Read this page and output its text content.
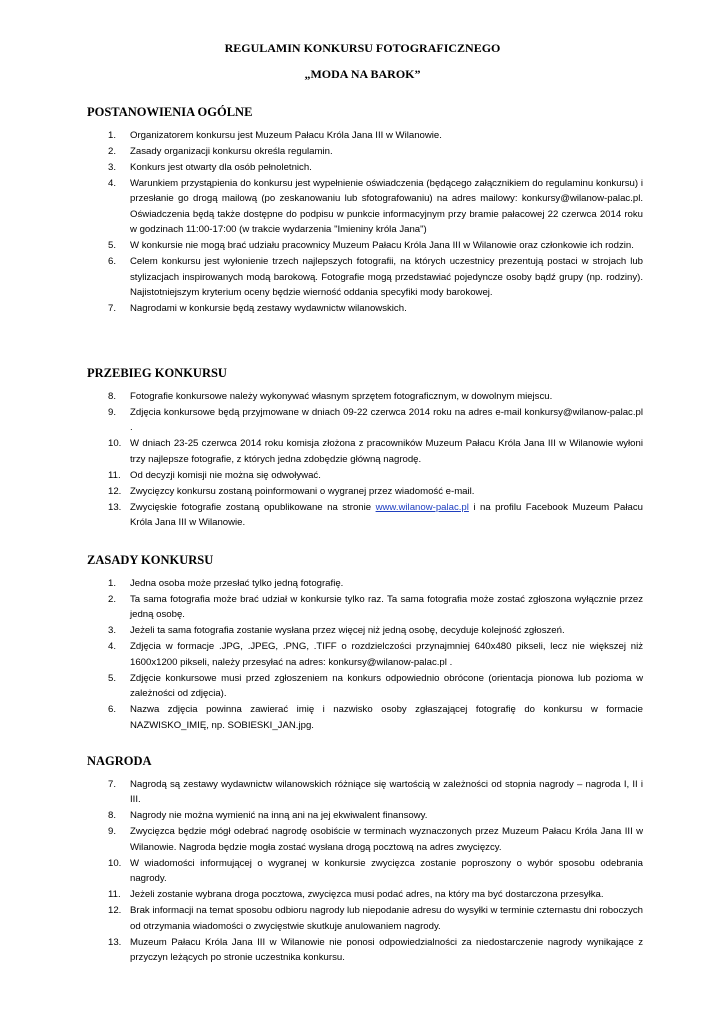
REGULAMIN KONKURSU FOTOGRAFICZNEGO
„MODA NA BAROK”
POSTANOWIENIA OGÓLNE
1. Organizatorem konkursu jest Muzeum Pałacu Króla Jana III w Wilanowie.
2. Zasady organizacji konkursu określa regulamin.
3. Konkurs jest otwarty dla osób pełnoletnich.
4. Warunkiem przystąpienia do konkursu jest wypełnienie oświadczenia (będącego załącznikiem do regulaminu konkursu) i przesłanie go drogą mailową (po zeskanowaniu lub sfotografowaniu) na adres mailowy: konkursy@wilanow-palac.pl. Oświadczenia będą także dostępne do podpisu w punkcie informacyjnym przy bramie pałacowej 22 czerwca 2014 roku w godzinach 11:00-17:00 (w trakcie wydarzenia "Imieniny króla Jana")
5. W konkursie nie mogą brać udziału pracownicy Muzeum Pałacu Króla Jana III w Wilanowie oraz członkowie ich rodzin.
6. Celem konkursu jest wyłonienie trzech najlepszych fotografii, na których uczestnicy prezentują postaci w strojach lub stylizacjach inspirowanych modą barokową. Fotografie mogą przedstawiać pojedyncze osoby bądź grupy (np. rodziny). Najistotniejszym kryterium oceny będzie wierność oddania specyfiki mody barokowej.
7. Nagrodami w konkursie będą zestawy wydawnictw wilanowskich.
PRZEBIEG KONKURSU
8. Fotografie konkursowe należy wykonywać własnym sprzętem fotograficznym, w dowolnym miejscu.
9. Zdjęcia konkursowe będą przyjmowane w dniach 09-22 czerwca 2014 roku na adres e-mail konkursy@wilanow-palac.pl .
10. W dniach 23-25 czerwca 2014 roku komisja złożona z pracowników Muzeum Pałacu Króla Jana III w Wilanowie wyłoni trzy najlepsze fotografie, z których jedna zdobędzie główną nagrodę.
11. Od decyzji komisji nie można się odwoływać.
12. Zwycięzcy konkursu zostaną poinformowani o wygranej przez wiadomość e-mail.
13. Zwycięskie fotografie zostaną opublikowane na stronie www.wilanow-palac.pl i na profilu Facebook Muzeum Pałacu Króla Jana III w Wilanowie.
ZASADY KONKURSU
1. Jedna osoba może przesłać tylko jedną fotografię.
2. Ta sama fotografia może brać udział w konkursie tylko raz. Ta sama fotografia może zostać zgłoszona wyłącznie przez jedną osobę.
3. Jeżeli ta sama fotografia zostanie wysłana przez więcej niż jedną osobę, decyduje kolejność zgłoszeń.
4. Zdjęcia w formacje .JPG, .JPEG, .PNG, .TIFF o rozdzielczości przynajmniej 640x480 pikseli, lecz nie większej niż 1600x1200 pikseli, należy przesyłać na adres: konkursy@wilanow-palac.pl .
5. Zdjęcie konkursowe musi przed zgłoszeniem na konkurs odpowiednio obrócone (orientacja pionowa lub pozioma w zależności od zdjęcia).
6. Nazwa zdjęcia powinna zawierać imię i nazwisko osoby zgłaszającej fotografię do konkursu w formacie NAZWISKO_IMIĘ, np. SOBIESKI_JAN.jpg.
NAGRODA
7. Nagrodą są zestawy wydawnictw wilanowskich różniące się wartością w zależności od stopnia nagrody – nagroda I, II i III.
8. Nagrody nie można wymienić na inną ani na jej ekwiwalent finansowy.
9. Zwycięzca będzie mógł odebrać nagrodę osobiście w terminach wyznaczonych przez Muzeum Pałacu Króla Jana III w Wilanowie. Nagroda będzie mogła zostać wysłana drogą pocztową na adres zwycięzcy.
10. W wiadomości informującej o wygranej w konkursie zwycięzca zostanie poproszony o wybór sposobu odebrania nagrody.
11. Jeżeli zostanie wybrana droga pocztowa, zwycięzca musi podać adres, na który ma być dostarczona przesyłka.
12. Brak informacji na temat sposobu odbioru nagrody lub niepodanie adresu do wysyłki w terminie czternastu dni roboczych od otrzymania wiadomości o zwycięstwie skutkuje anulowaniem nagrody.
13. Muzeum Pałacu Króla Jana III w Wilanowie nie ponosi odpowiedzialności za niedostarczenie nagrody wynikające z przyczyn leżących po stronie uczestnika konkursu.
